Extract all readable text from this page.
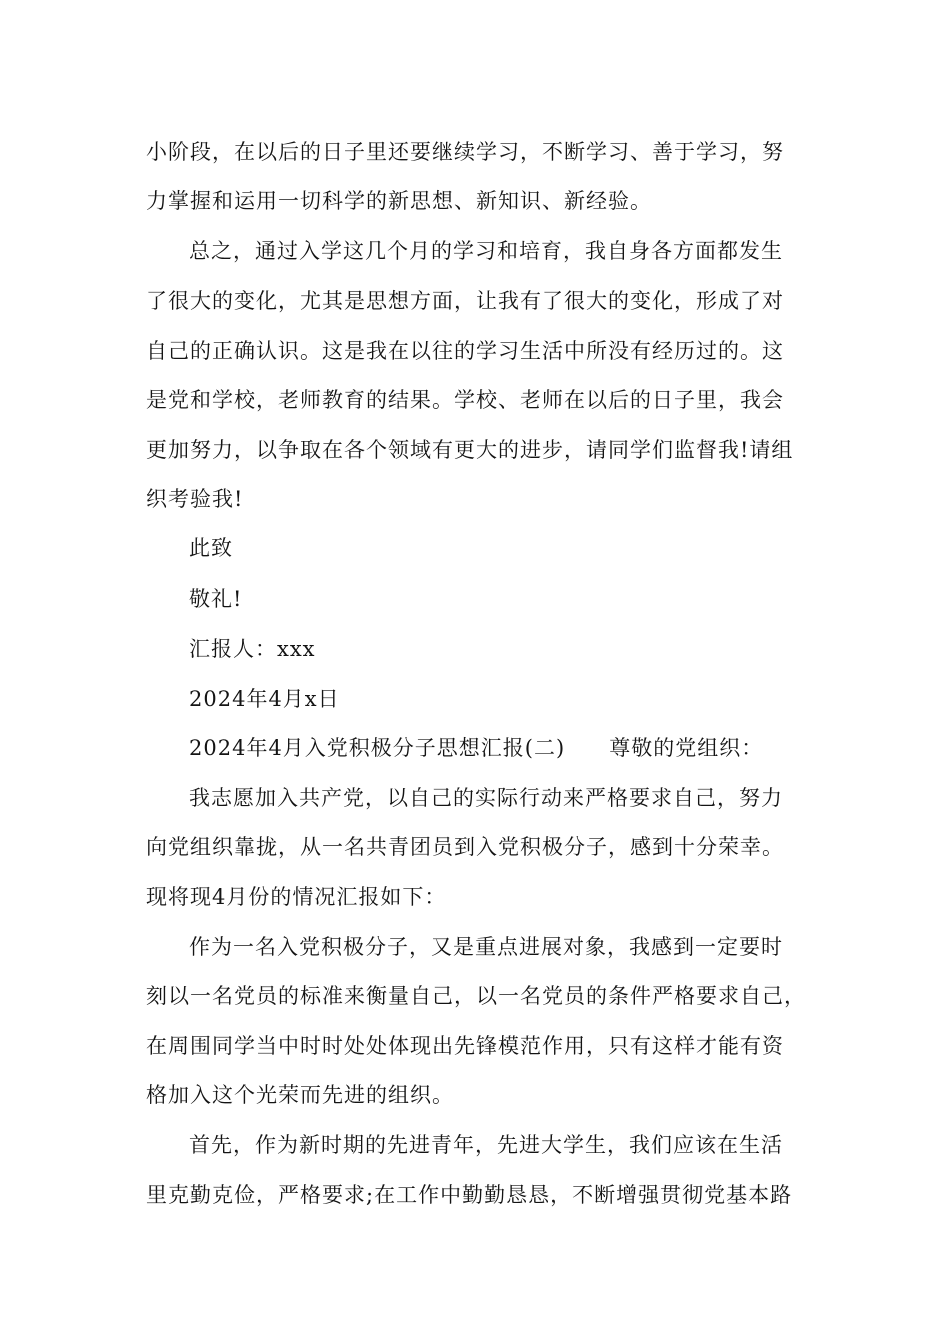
小阶段，在以后的日子里还要继续学习，不断学习、善于学习，努
力掌握和运用一切科学的新思想、新知识、新经验。
总之，通过入学这几个月的学习和培育，我自身各方面都发生
了很大的变化，尤其是思想方面，让我有了很大的变化，形成了对
自己的正确认识。这是我在以往的学习生活中所没有经历过的。这
是党和学校，老师教育的结果。学校、老师在以后的日子里，我会
更加努力，以争取在各个领域有更大的进步，请同学们监督我!请组
织考验我!
此致
敬礼!
汇报人：xxx
2024年4月x日
2024年4月入党积极分子思想汇报(二)　　尊敬的党组织：
我志愿加入共产党，以自己的实际行动来严格要求自己，努力
向党组织靠拢，从一名共青团员到入党积极分子，感到十分荣幸。
现将现4月份的情况汇报如下：
作为一名入党积极分子，又是重点进展对象，我感到一定要时
刻以一名党员的标准来衡量自己，以一名党员的条件严格要求自己，
在周围同学当中时时处处体现出先锋模范作用，只有这样才能有资
格加入这个光荣而先进的组织。
首先，作为新时期的先进青年，先进大学生，我们应该在生活
里克勤克俭，严格要求;在工作中勤勤恳恳，不断增强贯彻党基本路
